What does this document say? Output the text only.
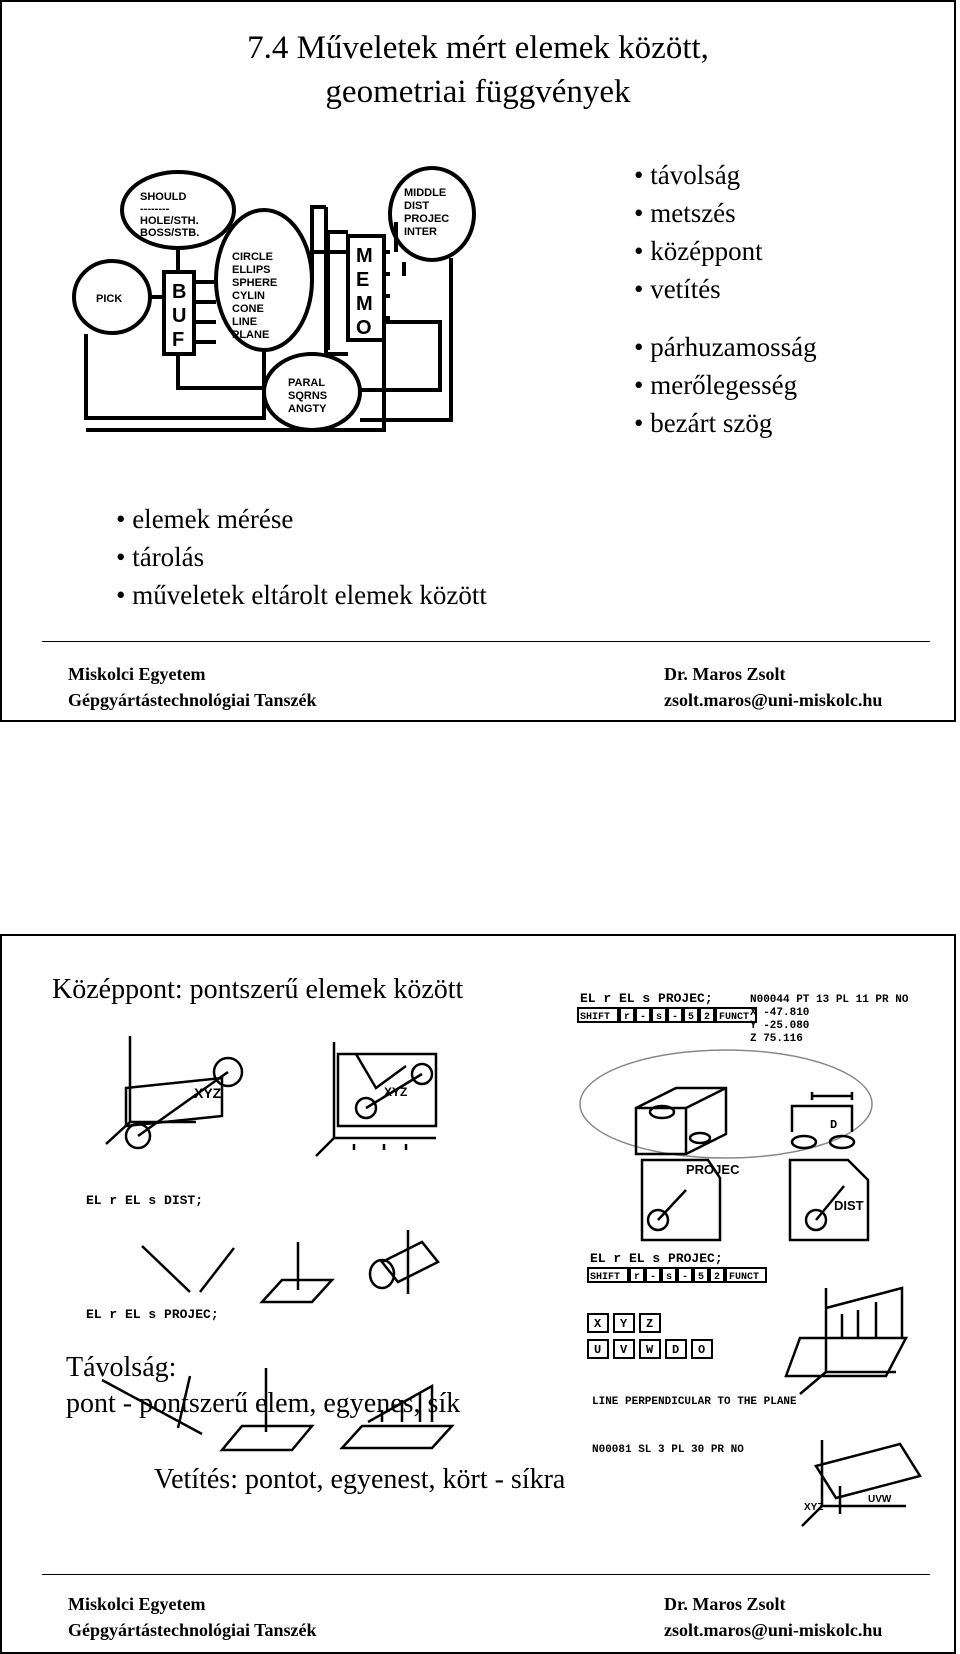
7.4 Műveletek mért elemek között,
geometriai függvények
PICK B
U
F
M
E
M
O
SHOULD
--------
HOLE/STH.
BOSS/STB.
CIRCLE
ELLIPS
SPHERE
CYLIN
CONE
LINE
PLANE
PARAL
SQRNS
ANGTY
MIDDLE
DIST
PROJEC
INTER
• távolság
• metszés
• középpont
• vetítés
• párhuzamosság
• merőlegesség
• bezárt szög
• elemek mérése
• tárolás
• műveletek eltárolt elemek között
Miskolci Egyetem
Gépgyártástechnológiai Tanszék
Dr. Maros Zsolt
zsolt.maros@uni-miskolc.hu
Középpont: pontszerű elemek között	EL r EL s PROJEC;	N00044 PT 13 PL 11 PR NO
X -47.810
Y -25.080
Z 75.116
SHIFT r - s - 5 2 FUNCT
D
XYZ	XYZ
PROJEC
DIST
EL r EL s DIST;
EL r EL s PROJEC;
EL r EL s PROJEC;
SHIFT r - s - 5 2 FUNCT
X Y Z
U V W D O
LINE PERPENDICULAR TO THE PLANE
Távolság:
pont - pontszerű elem, egyenes, sík
N00081 SL 3 PL 30 PR NO
XYZ
UVW
Vetítés: pontot, egyenest, kört - síkra
Miskolci Egyetem
Gépgyártástechnológiai Tanszék
Dr. Maros Zsolt
zsolt.maros@uni-miskolc.hu
